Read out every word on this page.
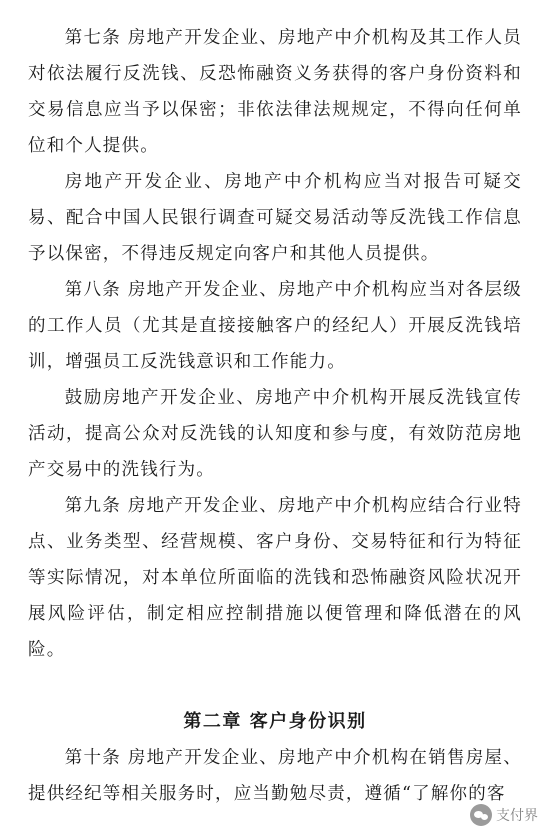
第七条 房地产开发企业、房地产中介机构及其工作人员对依法履行反洗钱、反恐怖融资义务获得的客户身份资料和交易信息应当予以保密；非依法律法规规定，不得向任何单位和个人提供。

房地产开发企业、房地产中介机构应当对报告可疑交易、配合中国人民银行调查可疑交易活动等反洗钱工作信息予以保密，不得违反规定向客户和其他人员提供。

第八条 房地产开发企业、房地产中介机构应当对各层级的工作人员（尤其是直接接触客户的经纪人）开展反洗钱培训，增强员工反洗钱意识和工作能力。

鼓励房地产开发企业、房地产中介机构开展反洗钱宣传活动，提高公众对反洗钱的认知度和参与度，有效防范房地产交易中的洗钱行为。

第九条 房地产开发企业、房地产中介机构应结合行业特点、业务类型、经营规模、客户身份、交易特征和行为特征等实际情况，对本单位所面临的洗钱和恐怖融资风险状况开展风险评估，制定相应控制措施以便管理和降低潜在的风险。

第二章 客户身份识别

第十条 房地产开发企业、房地产中介机构在销售房屋、提供经纪等相关服务时，应当勤勉尽责，遵循“了解你的客

支付界
